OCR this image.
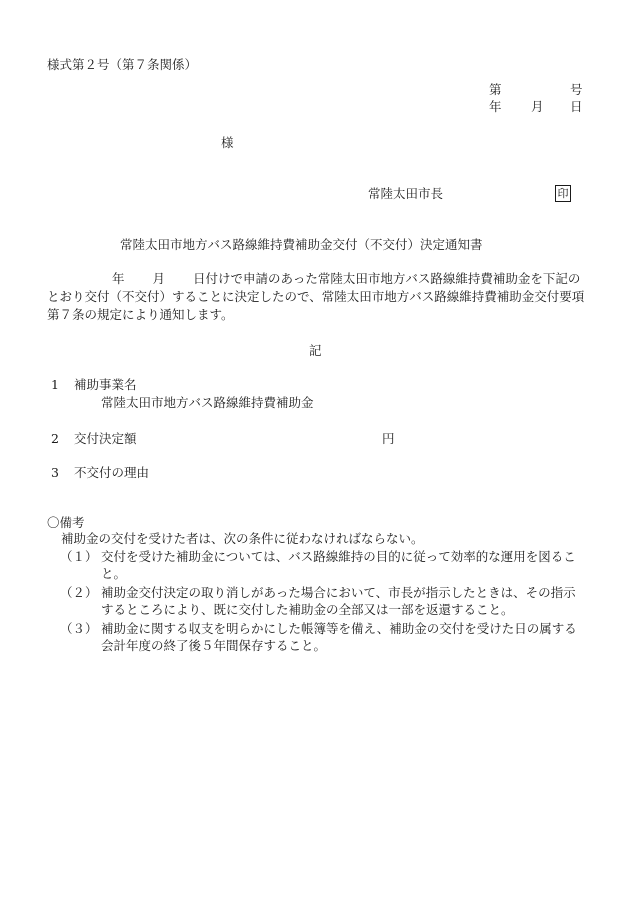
様式第２号（第７条関係）
第	号
年 月 日
様
常陸太田市長	印
常陸太田市地方バス路線維持費補助金交付（不交付）決定通知書
年 月 日付けで申請のあった常陸太田市地方バス路線維持費補助金を下記のとおり交付（不交付）することに決定したので、常陸太田市地方バス路線維持費補助金交付要項第７条の規定により通知します。
記
1 補助事業名
常陸太田市地方バス路線維持費補助金
2 交付決定額	円
3 不交付の理由
〇備考
補助金の交付を受けた者は、次の条件に従わなければならない。
（１） 交付を受けた補助金については、バス路線維持の目的に従って効率的な運用を図ること。
（２） 補助金交付決定の取り消しがあった場合において、市長が指示したときは、その指示するところにより、既に交付した補助金の全部又は一部を返還すること。
（３） 補助金に関する収支を明らかにした帳簿等を備え、補助金の交付を受けた日の属する会計年度の終了後５年間保存すること。
